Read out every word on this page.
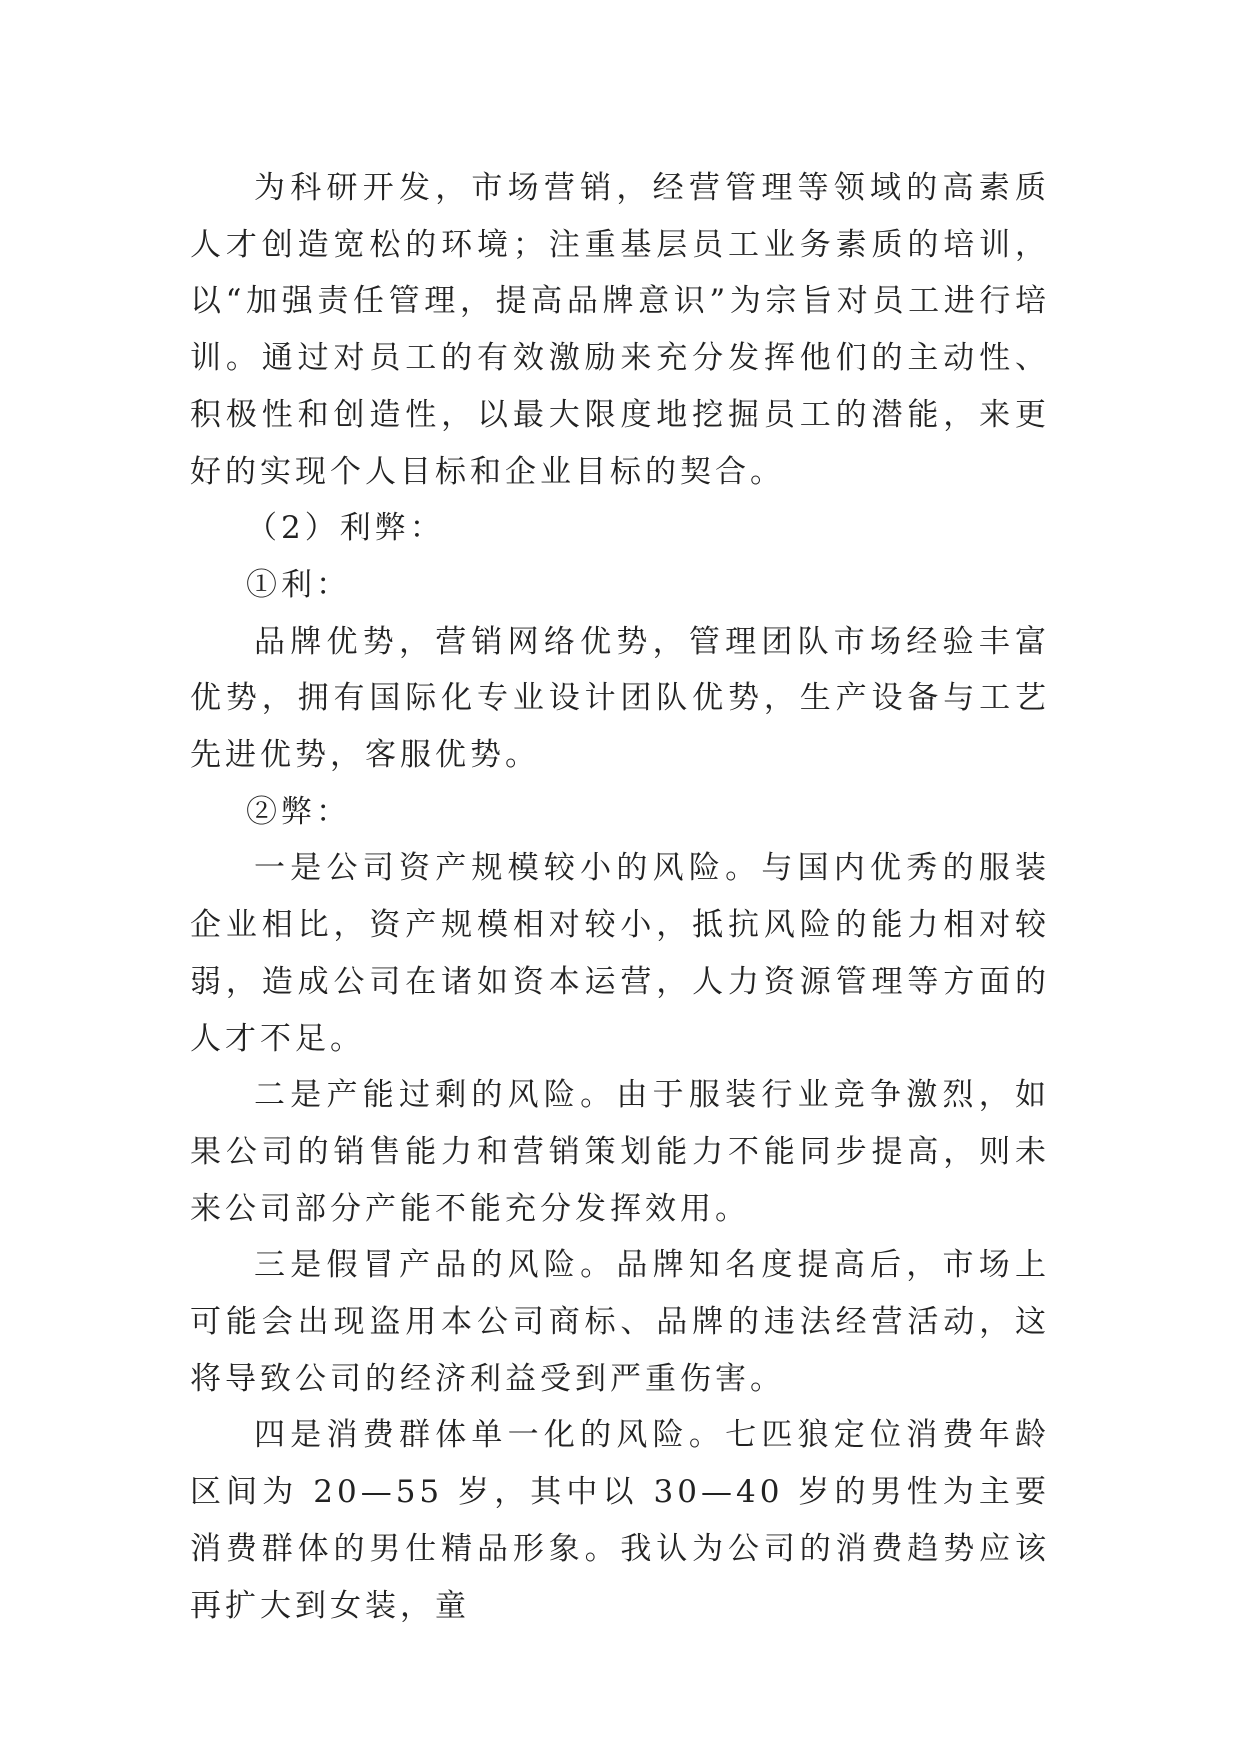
为科研开发，市场营销，经营管理等领域的高素质人才创造宽松的环境；注重基层员工业务素质的培训，以“加强责任管理，提高品牌意识”为宗旨对员工进行培训。通过对员工的有效激励来充分发挥他们的主动性、积极性和创造性，以最大限度地挖掘员工的潜能，来更好的实现个人目标和企业目标的契合。

（2）利弊：

①利：

品牌优势，营销网络优势，管理团队市场经验丰富优势，拥有国际化专业设计团队优势，生产设备与工艺先进优势，客服优势。

②弊：

一是公司资产规模较小的风险。与国内优秀的服装企业相比，资产规模相对较小，抵抗风险的能力相对较弱，造成公司在诸如资本运营，人力资源管理等方面的人才不足。

二是产能过剩的风险。由于服装行业竞争激烈，如果公司的销售能力和营销策划能力不能同步提高，则未来公司部分产能不能充分发挥效用。

三是假冒产品的风险。品牌知名度提高后，市场上可能会出现盗用本公司商标、品牌的违法经营活动，这将导致公司的经济利益受到严重伤害。

四是消费群体单一化的风险。七匹狼定位消费年龄区间为 20—55 岁，其中以 30—40 岁的男性为主要消费群体的男仕精品形象。我认为公司的消费趋势应该再扩大到女装，童
